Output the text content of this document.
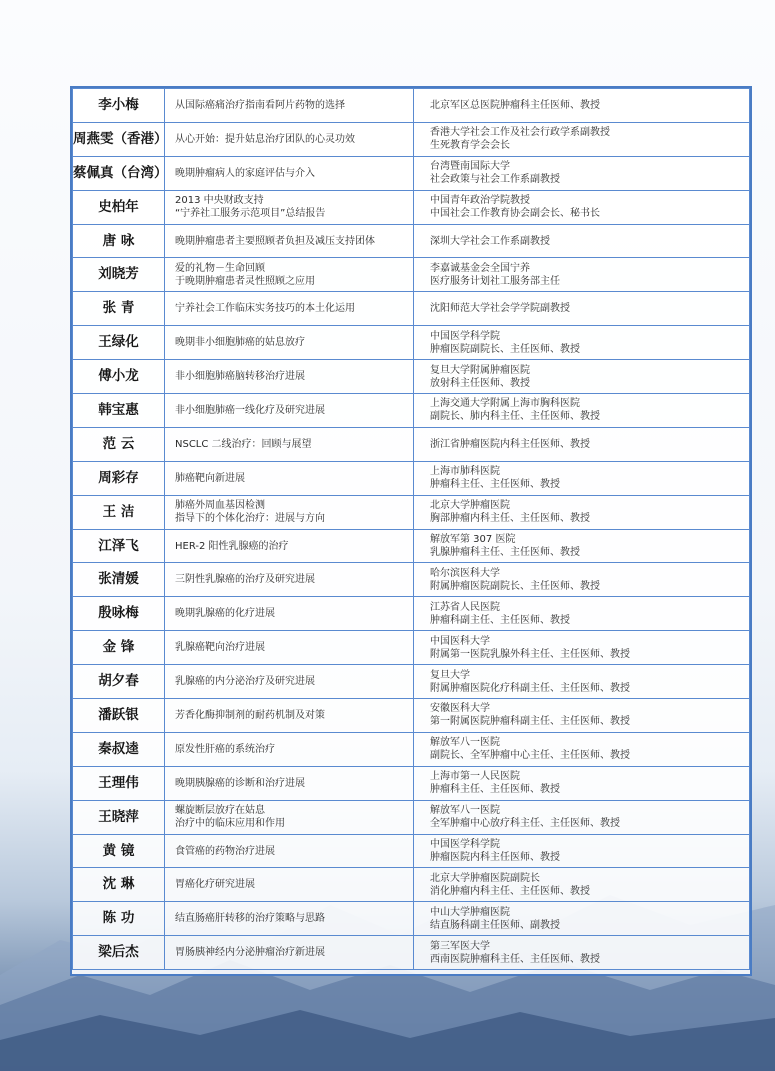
李小梅	从国际癌痛治疗指南看阿片药物的选择	北京军区总医院肿瘤科主任医师、教授

周燕雯（香港）	从心开始：提升姑息治疗团队的心灵功效	香港大学社会工作及社会行政学系副教授
生死教育学会会长

蔡佩真（台湾）	晚期肿瘤病人的家庭评估与介入	台湾暨南国际大学
社会政策与社会工作系副教授

史柏年	2013 中央财政支持
“宁养社工服务示范项目”总结报告	中国青年政治学院教授
中国社会工作教育协会副会长、秘书长

唐 咏	晚期肿瘤患者主要照顾者负担及减压支持团体	深圳大学社会工作系副教授

刘晓芳	爱的礼物－生命回顾
于晚期肿瘤患者灵性照顾之应用	李嘉诚基金会全国宁养
医疗服务计划社工服务部主任

张 青	宁养社会工作临床实务技巧的本土化运用	沈阳师范大学社会学学院副教授

王绿化	晚期非小细胞肺癌的姑息放疗	中国医学科学院
肿瘤医院副院长、主任医师、教授

傅小龙	非小细胞肺癌脑转移治疗进展	复旦大学附属肿瘤医院
放射科主任医师、教授

韩宝惠	非小细胞肺癌一线化疗及研究进展	上海交通大学附属上海市胸科医院
副院长、肺内科主任、主任医师、教授

范 云	NSCLC 二线治疗：回顾与展望	浙江省肿瘤医院内科主任医师、教授

周彩存	肺癌靶向新进展	上海市肺科医院
肿瘤科主任、主任医师、教授

王 洁	肺癌外周血基因检测
指导下的个体化治疗：进展与方向	北京大学肿瘤医院
胸部肿瘤内科主任、主任医师、教授

江泽飞	HER-2 阳性乳腺癌的治疗	解放军第 307 医院
乳腺肿瘤科主任、主任医师、教授

张清媛	三阴性乳腺癌的治疗及研究进展	哈尔滨医科大学
附属肿瘤医院副院长、主任医师、教授

殷咏梅	晚期乳腺癌的化疗进展	江苏省人民医院
肿瘤科副主任、主任医师、教授

金 锋	乳腺癌靶向治疗进展	中国医科大学
附属第一医院乳腺外科主任、主任医师、教授

胡夕春	乳腺癌的内分泌治疗及研究进展	复旦大学
附属肿瘤医院化疗科副主任、主任医师、教授

潘跃银	芳香化酶抑制剂的耐药机制及对策	安徽医科大学
第一附属医院肿瘤科副主任、主任医师、教授

秦叔逵	原发性肝癌的系统治疗	解放军八一医院
副院长、全军肿瘤中心主任、主任医师、教授

王理伟	晚期胰腺癌的诊断和治疗进展	上海市第一人民医院
肿瘤科主任、主任医师、教授

王晓萍	螺旋断层放疗在姑息
治疗中的临床应用和作用	解放军八一医院
全军肿瘤中心放疗科主任、主任医师、教授

黄 镜	食管癌的药物治疗进展	中国医学科学院
肿瘤医院内科主任医师、教授

沈 琳	胃癌化疗研究进展	北京大学肿瘤医院副院长
消化肿瘤内科主任、主任医师、教授

陈 功	结直肠癌肝转移的治疗策略与思路	中山大学肿瘤医院
结直肠科副主任医师、副教授

梁后杰	胃肠胰神经内分泌肿瘤治疗新进展	第三军医大学
西南医院肿瘤科主任、主任医师、教授
